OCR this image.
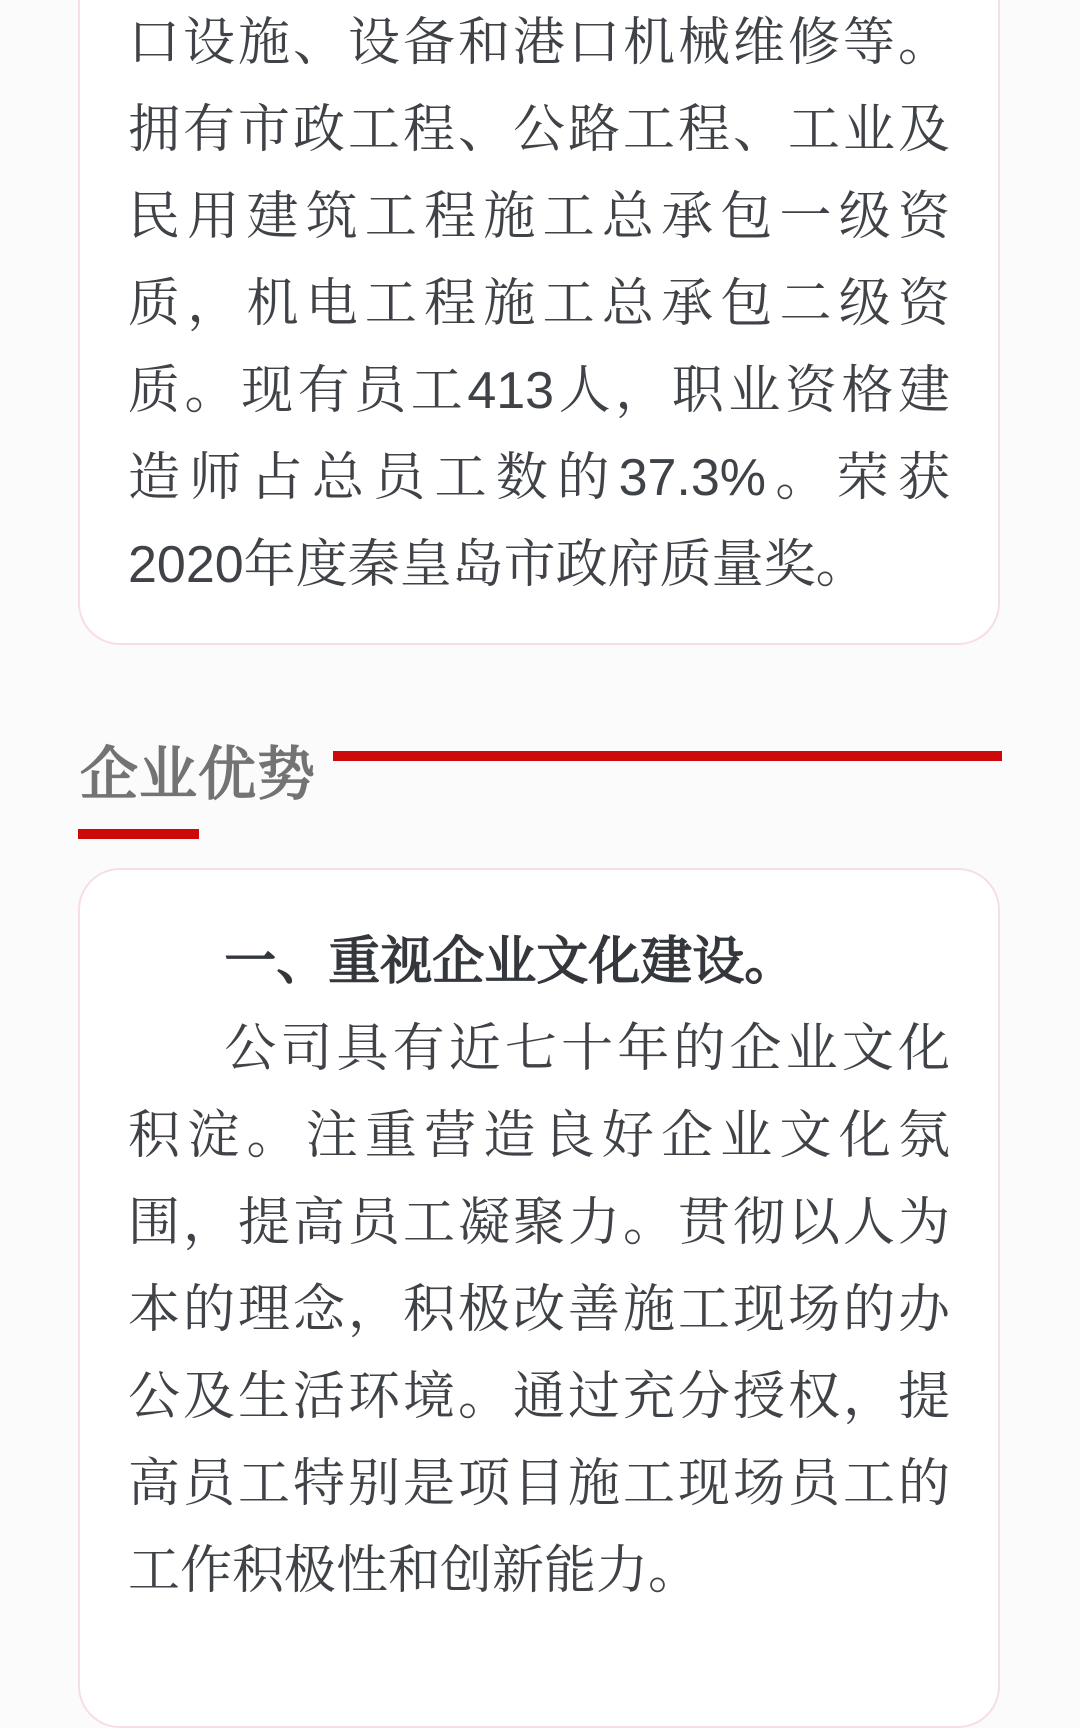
口设施、设备和港口机械维修等。
拥有市政工程、公路工程、工业及
民用建筑工程施工总承包一级资
质，机电工程施工总承包二级资
质。现有员工413人，职业资格建
造师占总员工数的37.3%。荣获
2020年度秦皇岛市政府质量奖。
企业优势
一、重视企业文化建设。
公司具有近七十年的企业文化
积淀。注重营造良好企业文化氛
围，提高员工凝聚力。贯彻以人为
本的理念，积极改善施工现场的办
公及生活环境。通过充分授权，提
高员工特别是项目施工现场员工的
工作积极性和创新能力。
